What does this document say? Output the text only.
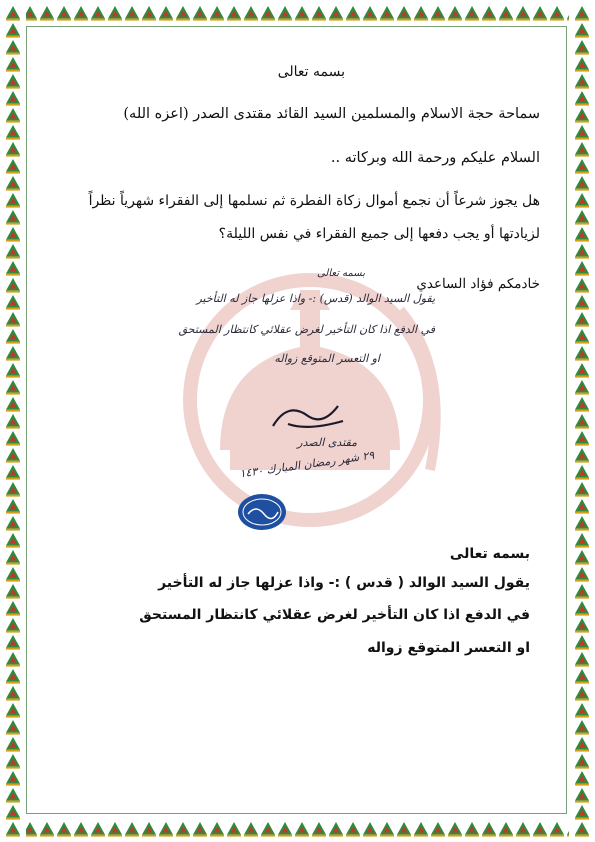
بسمه تعالى
سماحة حجة الاسلام والمسلمين السيد القائد مقتدى الصدر (اعزه الله)
السلام عليكم ورحمة الله وبركاته ..
هل يجوز شرعاً أن نجمع أموال زكاة الفطرة ثم نسلمها إلى الفقراء شهرياً نظراً
لزيادتها أو يجب دفعها إلى جميع الفقراء في نفس الليلة؟
خادمكم فؤاد الساعدي
بسمه تعالى
يقول السيد الوالد (قدس) :- واذا عزلها جاز له التأخير
في الدفع اذا كان التأخير لغرض عقلائي كانتظار المستحق
او التعسر المتوقع زواله
مقتدى الصدر
٢٩ شهر رمضان المبارك ١٤٣٠
بسمه تعالى
يقول السيد الوالد ( قدس ) :- واذا عزلها جاز له التأخير
في الدفع اذا كان التأخير لغرض عقلائي كانتظار المستحق
او التعسر المتوقع زواله
